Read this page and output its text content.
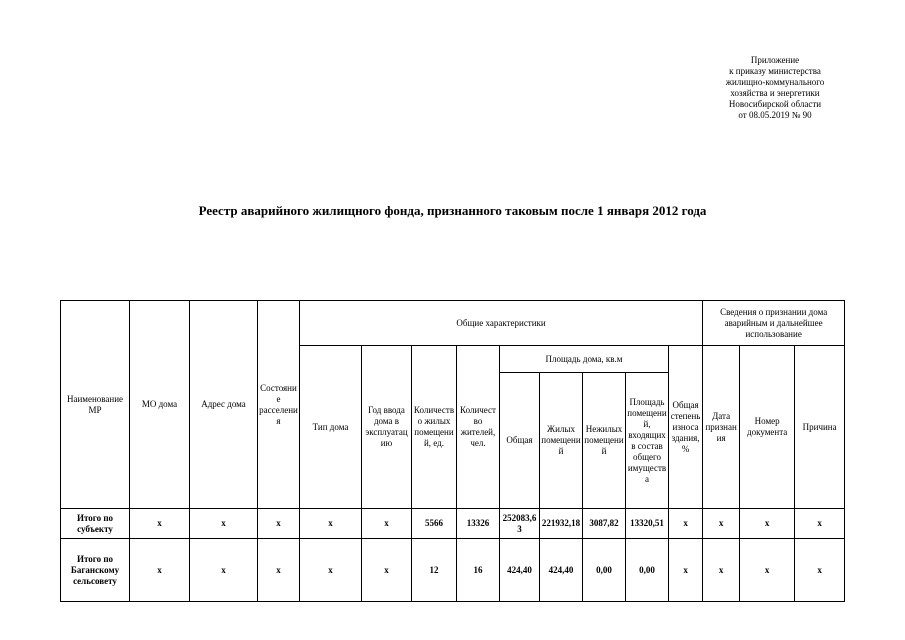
Приложение
к приказу министерства
жилищно-коммунального
хозяйства и энергетики
Новосибирской области
от 08.05.2019 № 90
Реестр аварийного жилищного фонда, признанного таковым после 1 января 2012 года
Наименование МР	МО дома	Адрес дома	Состояние расселения	Общие характеристики									Сведения о признании дома аварийным и дальнейшее использование		
				Тип дома	Год ввода дома в эксплуатацию	Количество жилых помещений, ед.	Количество жителей, чел.	Площадь дома, кв.м				Общая степень износа здания, %	Дата признания	Номер документа	Причина
								Общая	Жилых помещений	Нежилых помещений	Площадь помещений, входящих в состав общего имущества				
Итого по субъекту	х	х	х	х	х	5566	13326	252083,63	221932,18	3087,82	13320,51	х	х	х	х
Итого по Баганскому сельсовету	х	х	х	х	х	12	16	424,40	424,40	0,00	0,00	х	х	х	х
